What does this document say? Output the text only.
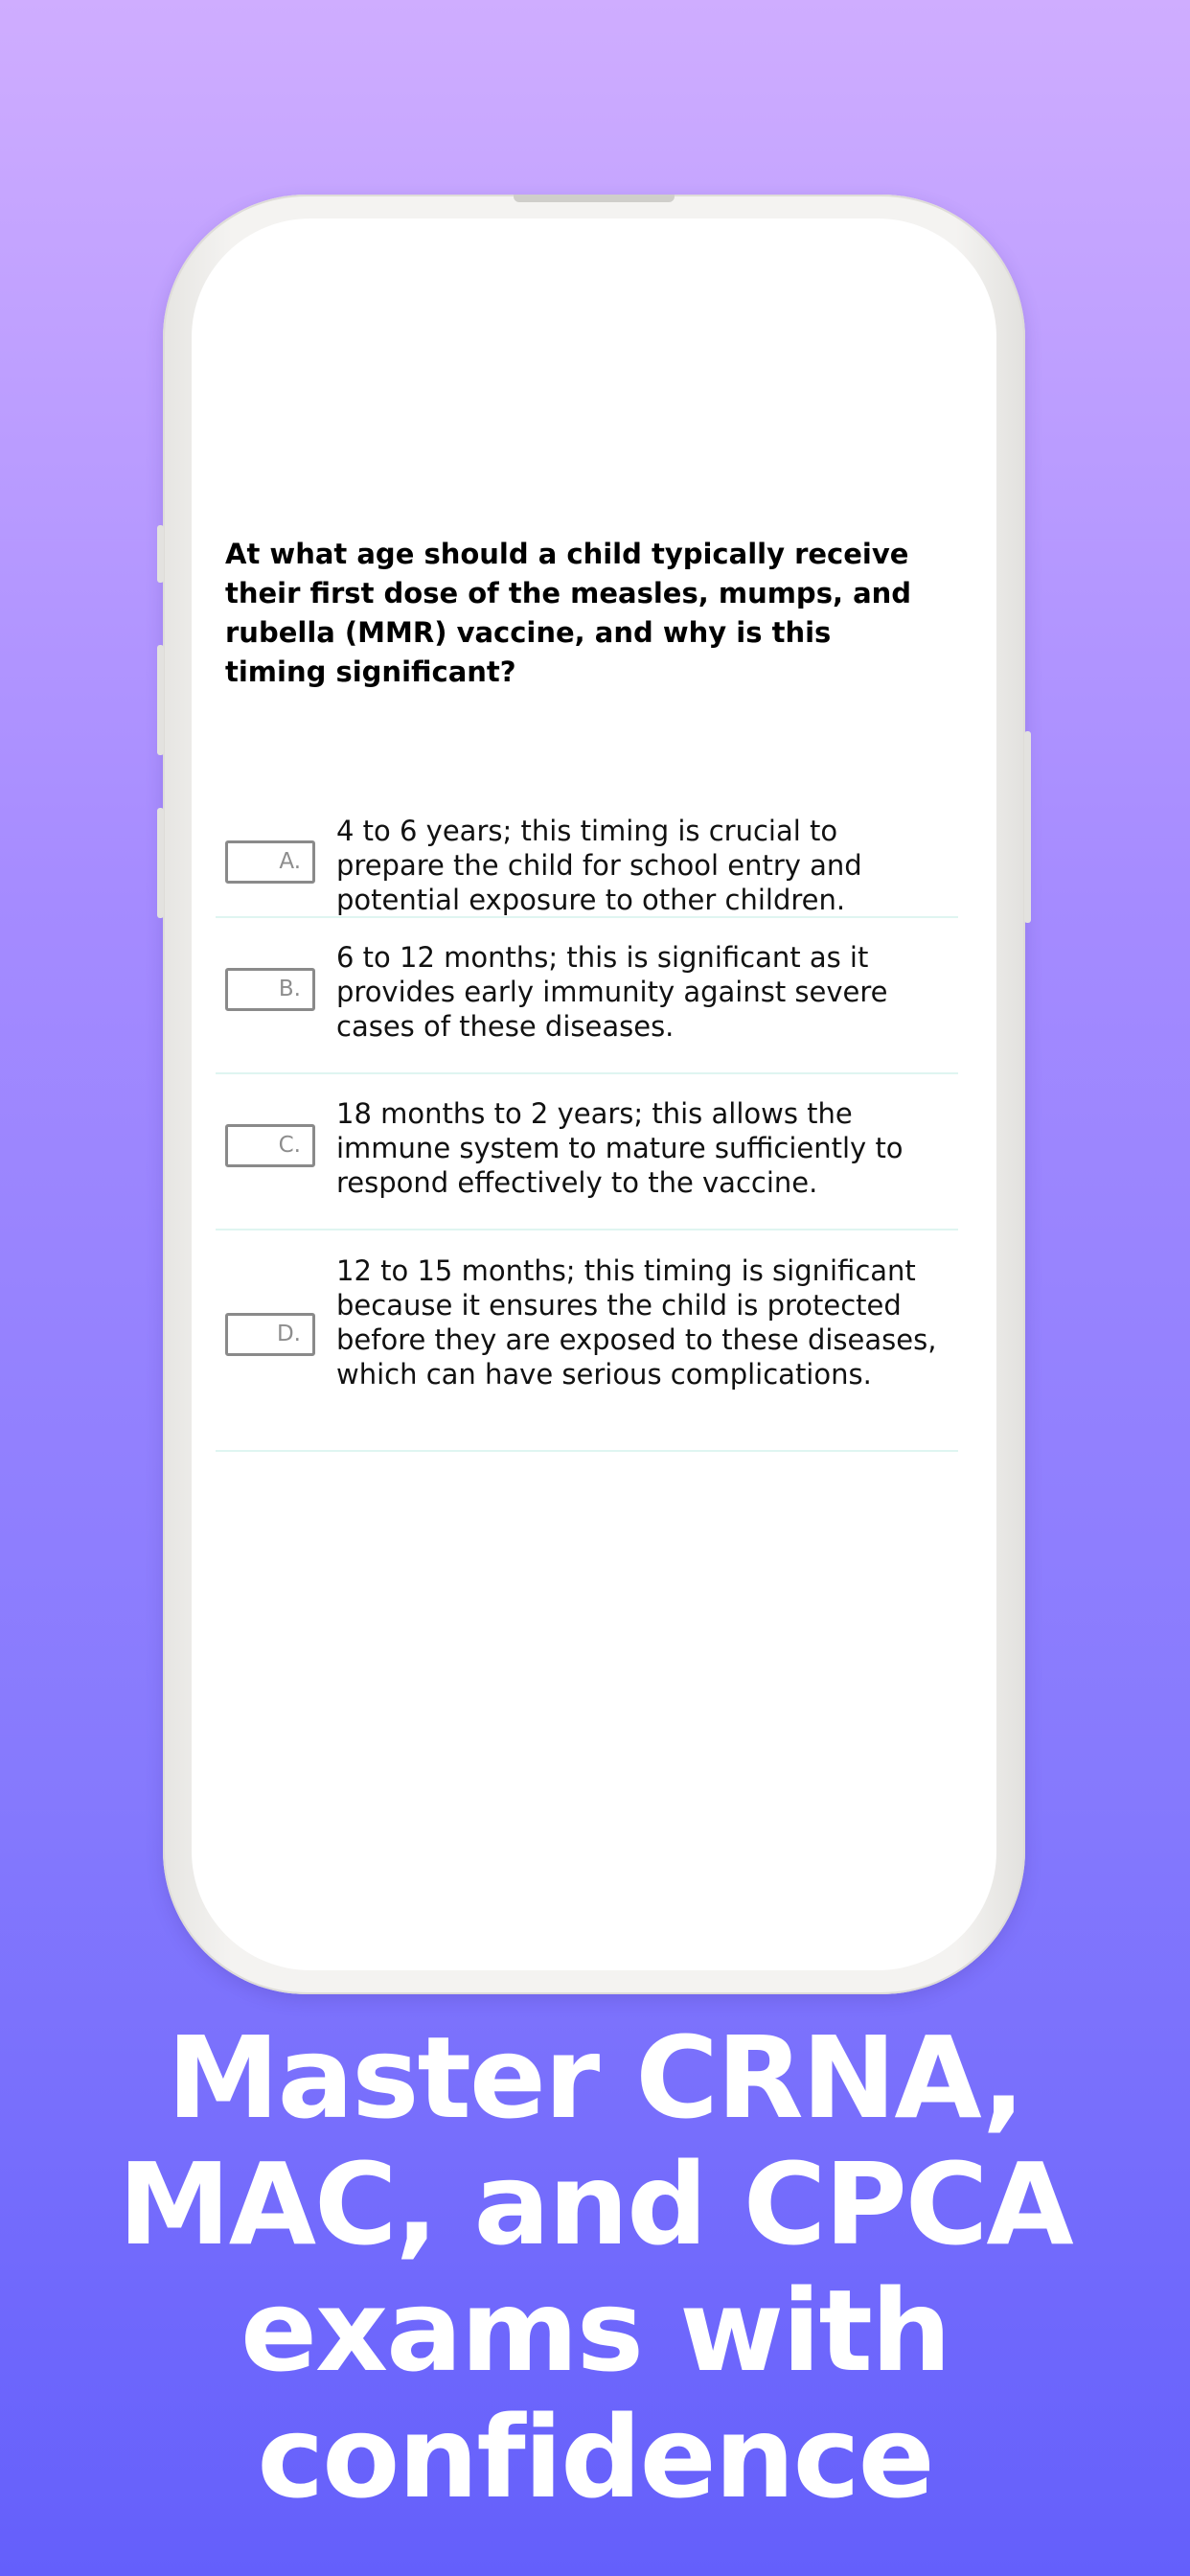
At what age should a child typically receive their first dose of the measles, mumps, and rubella (MMR) vaccine, and why is this timing significant?

A.
4 to 6 years; this timing is crucial to prepare the child for school entry and potential exposure to other children.
B.
6 to 12 months; this is significant as it provides early immunity against severe cases of these diseases.
C.
18 months to 2 years; this allows the immune system to mature sufficiently to respond effectively to the vaccine.
D.
12 to 15 months; this timing is significant because it ensures the child is protected before they are exposed to these diseases, which can have serious complications.
Master CRNA, MAC, and CPCA exams with confidence
